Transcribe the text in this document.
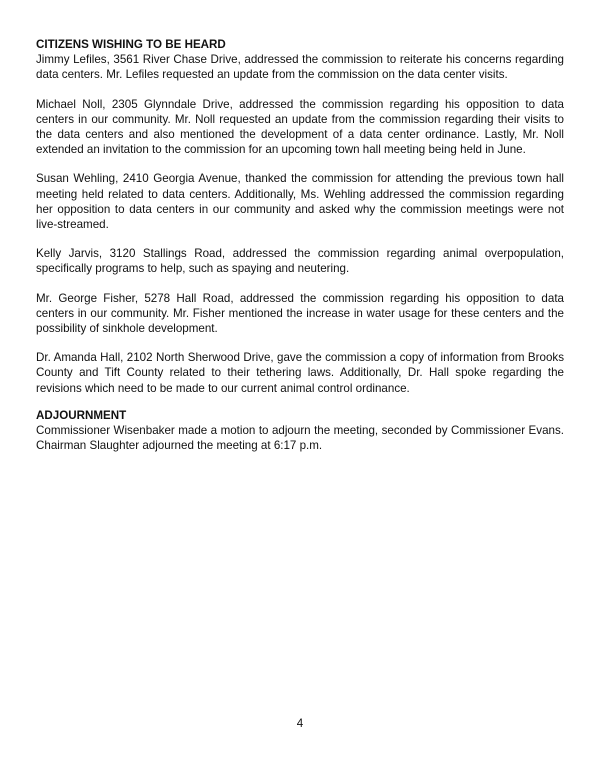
CITIZENS WISHING TO BE HEARD

Jimmy Lefiles, 3561 River Chase Drive, addressed the commission to reiterate his concerns regarding data centers. Mr. Lefiles requested an update from the commission on the data center visits.

Michael Noll, 2305 Glynndale Drive, addressed the commission regarding his opposition to data centers in our community. Mr. Noll requested an update from the commission regarding their visits to the data centers and also mentioned the development of a data center ordinance. Lastly, Mr. Noll extended an invitation to the commission for an upcoming town hall meeting being held in June.

Susan Wehling, 2410 Georgia Avenue, thanked the commission for attending the previous town hall meeting held related to data centers. Additionally, Ms. Wehling addressed the commission regarding her opposition to data centers in our community and asked why the commission meetings were not live-streamed.

Kelly Jarvis, 3120 Stallings Road, addressed the commission regarding animal overpopulation, specifically programs to help, such as spaying and neutering.

Mr. George Fisher, 5278 Hall Road, addressed the commission regarding his opposition to data centers in our community. Mr. Fisher mentioned the increase in water usage for these centers and the possibility of sinkhole development.

Dr. Amanda Hall, 2102 North Sherwood Drive, gave the commission a copy of information from Brooks County and Tift County related to their tethering laws. Additionally, Dr. Hall spoke regarding the revisions which need to be made to our current animal control ordinance.

ADJOURNMENT

Commissioner Wisenbaker made a motion to adjourn the meeting, seconded by Commissioner Evans. Chairman Slaughter adjourned the meeting at 6:17 p.m.

4
